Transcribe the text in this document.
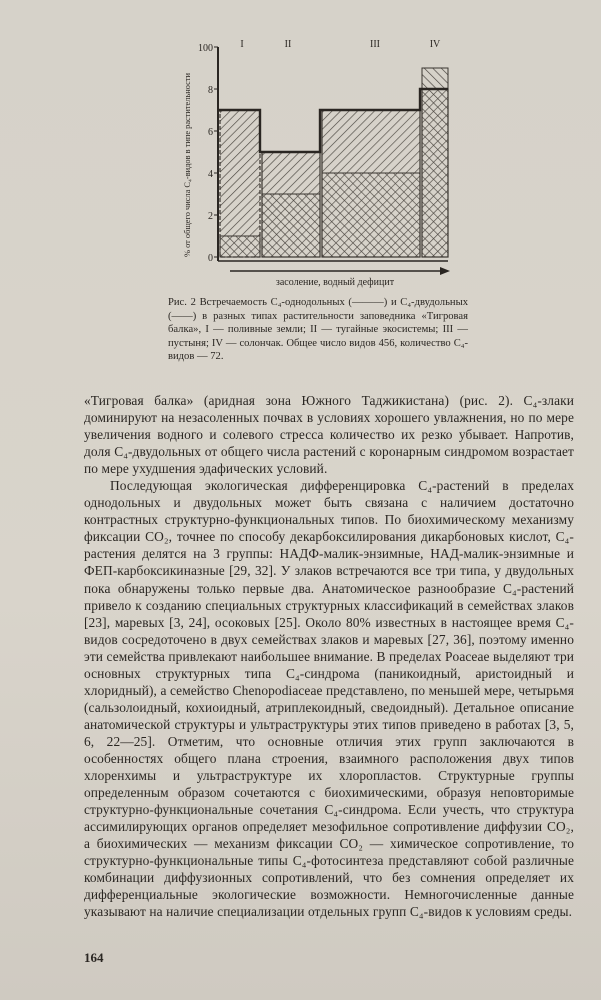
100
8
6
4
2
0
I	II	III	IV
% от общего числа C₄-видов в типе растительности
засоление, водный дефицит

Рис. 2 Встречаемость C₄-однодольных (———) и C₄-двудольных (——) в разных типах растительности заповедника «Тигровая балка», I — поливные земли; II — тугайные экосистемы; III — пустыня; IV — солончак. Общее число видов 456, количество C₄-видов — 72.

«Тигровая балка» (аридная зона Южного Таджикистана) (рис. 2). C₄-злаки доминируют на незасоленных почвах в условиях хорошего увлажнения, но по мере увеличения водного и солевого стресса количество их резко убывает. Напротив, доля C₄-двудольных от общего числа растений с коронарным синдромом возрастает по мере ухудшения эдафических условий.

Последующая экологическая дифференцировка C₄-растений в пределах однодольных и двудольных может быть связана с наличием достаточно контрастных структурно-функциональных типов. По биохимическому механизму фиксации CO₂, точнее по способу декарбоксилирования дикарбоновых кислот, C₄-растения делятся на 3 группы: НАДФ-малик-энзимные, НАД-малик-энзимные и ФЕП-карбоксикиназные [29, 32]. У злаков встречаются все три типа, у двудольных пока обнаружены только первые два. Анатомическое разнообразие C₄-растений привело к созданию специальных структурных классификаций в семействах злаков [23], маревых [3, 24], осоковых [25]. Около 80% известных в настоящее время C₄-видов сосредоточено в двух семействах злаков и маревых [27, 36], поэтому именно эти семейства привлекают наибольшее внимание. В пределах Poaceae выделяют три основных структурных типа C₄-синдрома (паникоидный, аристоидный и хлоридный), а семейство Chenopodiaceae представлено, по меньшей мере, четырьмя (сальзолоидный, кохиоидный, атриплекоидный, сведоидный). Детальное описание анатомической структуры и ультраструктуры этих типов приведено в работах [3, 5, 6, 22—25]. Отметим, что основные отличия этих групп заключаются в особенностях общего плана строения, взаимного расположения двух типов хлоренхимы и ультраструктуре их хлоропластов. Структурные группы определенным образом сочетаются с биохимическими, образуя неповторимые структурно-функциональные сочетания C₄-синдрома. Если учесть, что структура ассимилирующих органов определяет мезофильное сопротивление диффузии CO₂, а биохимических — механизм фиксации CO₂ — химическое сопротивление, то структурно-функциональные типы C₄-фотосинтеза представляют собой различные комбинации диффузионных сопротивлений, что без сомнения определяет их дифференциальные экологические возможности. Немногочисленные данные указывают на наличие специализации отдельных групп C₄-видов к условиям среды.

164
